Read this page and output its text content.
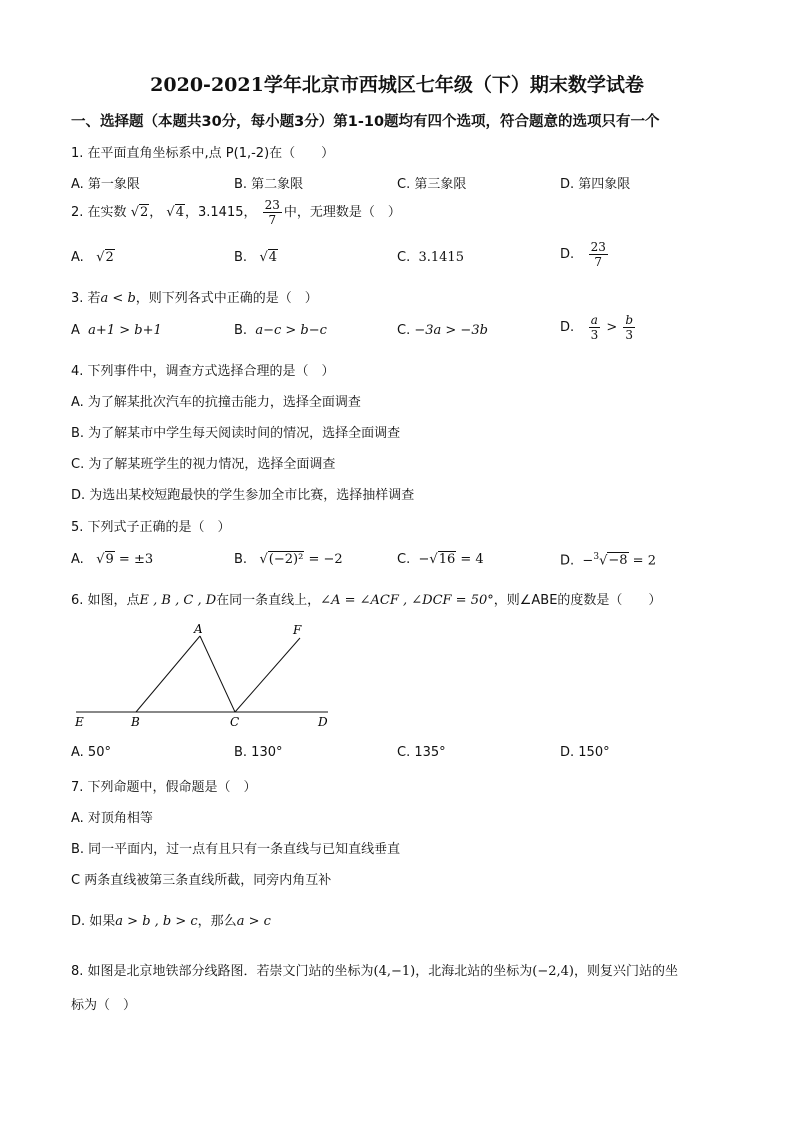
2020-2021学年北京市西城区七年级（下）期末数学试卷
一、选择题（本题共30分，每小题3分）第1-10题均有四个选项，符合题意的选项只有一个
1. 在平面直角坐标系中,点 P(1,-2)在（　　）
A. 第一象限	B. 第二象限	C. 第三象限	D. 第四象限
2. 在实数 √2， √4，3.1415， $\frac{23}{7}$ 中，无理数是（　）
A. √2	B. √4	C. 3.1415	D. $\frac{23}{7}$
3. 若a < b，则下列各式中正确的是（　）
A a+1 > b+1	B. a−c > b−c	C. −3a > −3b	D. $\frac{a}{3} > \frac{b}{3}$
4. 下列事件中，调查方式选择合理的是（　）
A. 为了解某批次汽车的抗撞击能力，选择全面调查
B. 为了解某市中学生每天阅读时间的情况，选择全面调查
C. 为了解某班学生的视力情况，选择全面调查
D. 为选出某校短跑最快的学生参加全市比赛，选择抽样调查
5. 下列式子正确的是（　）
A. √9 = ±3	B. √(−2)² = −2	C. −√16 = 4	D. −$^3$√−8 = 2
6. 如图，点E , B , C , D在同一条直线上，∠A = ∠ACF , ∠DCF = 50°，则∠ABE的度数是（　　）
A	F
E	B	C	D
A. 50°	B. 130°	C. 135°	D. 150°
7. 下列命题中，假命题是（　）
A. 对顶角相等
B. 同一平面内，过一点有且只有一条直线与已知直线垂直
C 两条直线被第三条直线所截，同旁内角互补
D. 如果a > b , b > c，那么a > c
8. 如图是北京地铁部分线路图．若崇文门站的坐标为(4,−1)，北海北站的坐标为(−2,4)，则复兴门站的坐
标为（　）
